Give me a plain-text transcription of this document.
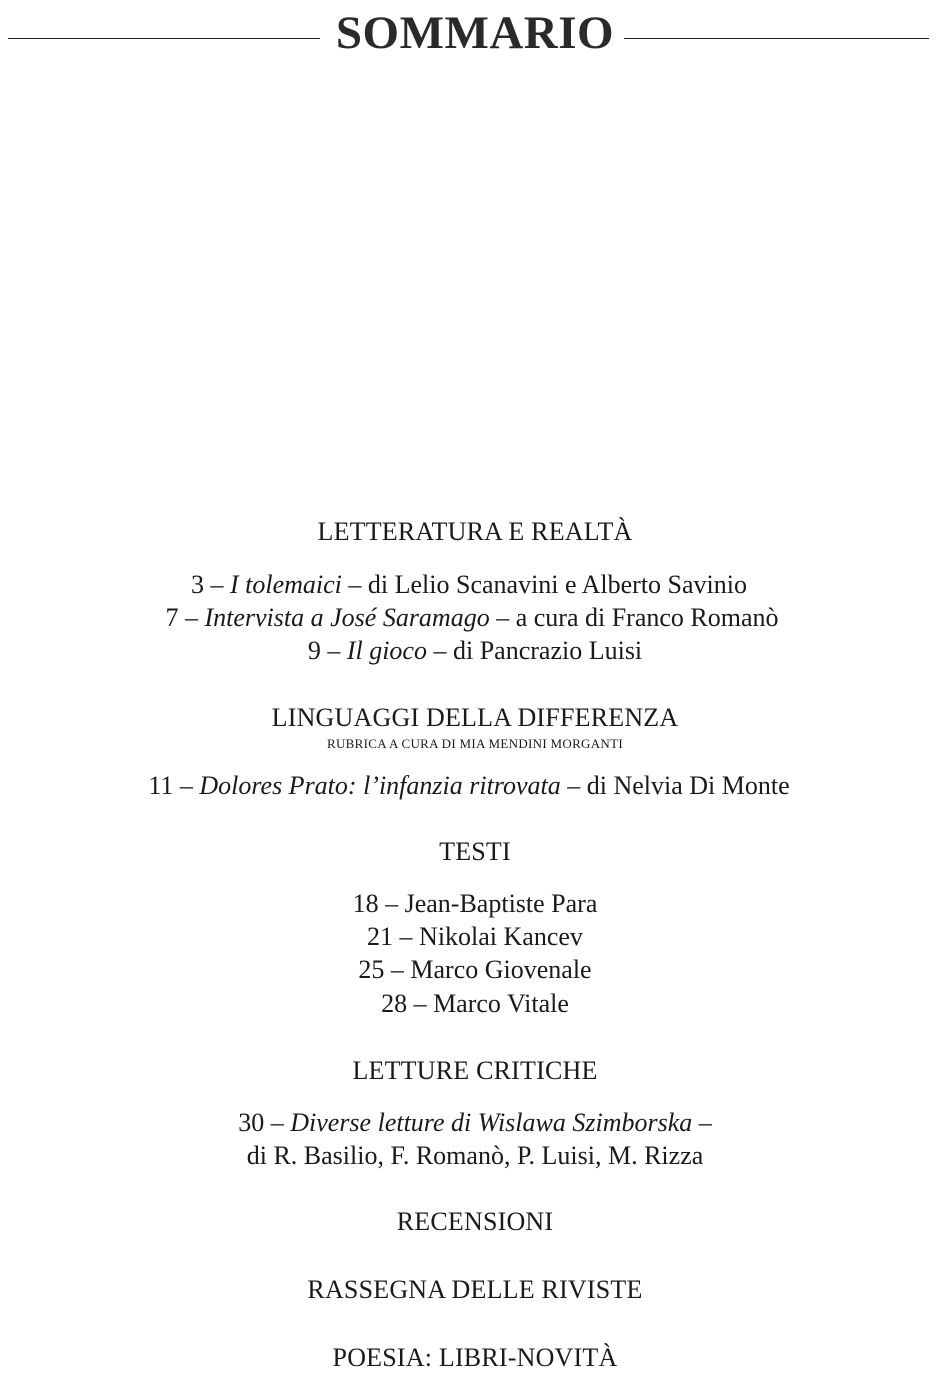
SOMMARIO
LETTERATURA E REALTÀ
3 – I tolemaici – di Lelio Scanavini e Alberto Savinio
7 – Intervista a José Saramago – a cura di Franco Romanò
9 – Il gioco – di Pancrazio Luisi
LINGUAGGI DELLA DIFFERENZA
RUBRICA A CURA DI MIA MENDINI MORGANTI
11 – Dolores Prato: l’infanzia ritrovata – di Nelvia Di Monte
TESTI
18 – Jean-Baptiste Para
21 – Nikolai Kancev
25 – Marco Giovenale
28 – Marco Vitale
LETTURE CRITICHE
30 – Diverse letture di Wislawa Szimborska –
di R. Basilio, F. Romanò, P. Luisi, M. Rizza
RECENSIONI
RASSEGNA DELLE RIVISTE
POESIA: LIBRI-NOVITÀ
